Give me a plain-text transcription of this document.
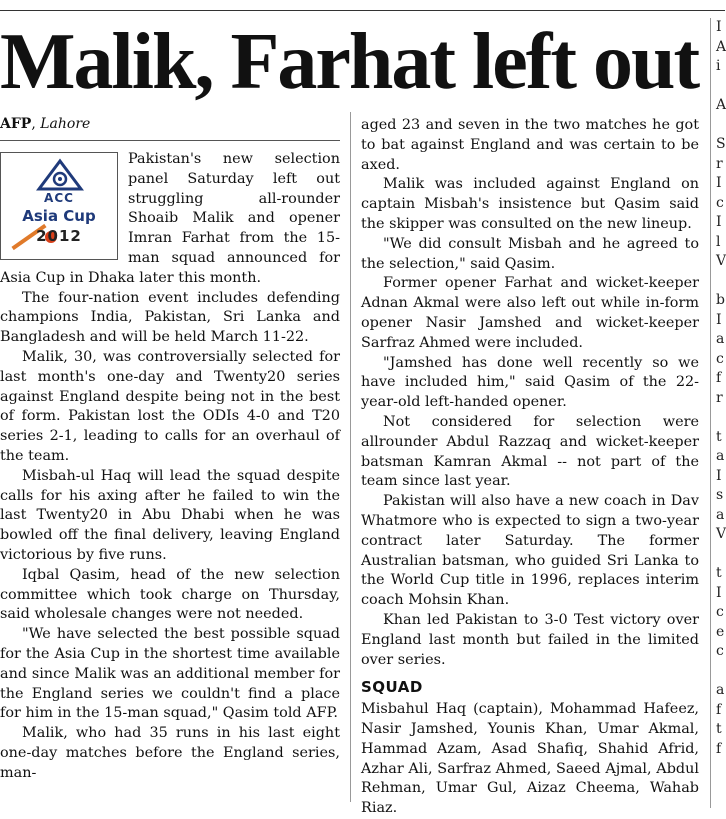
Malik, Farhat left out
AFP, Lahore
ACC
Asia Cup
2012

Pakistan's new selection panel Saturday left out struggling all-rounder Shoaib Malik and opener Imran Farhat from the 15-man squad announced for Asia Cup in Dhaka later this month.

The four-nation event includes defending champions India, Pakistan, Sri Lanka and Bangladesh and will be held March 11-22.

Malik, 30, was controversially selected for last month's one-day and Twenty20 series against England despite being not in the best of form. Pakistan lost the ODIs 4-0 and T20 series 2-1, leading to calls for an overhaul of the team.

Misbah-ul Haq will lead the squad despite calls for his axing after he failed to win the last Twenty20 in Abu Dhabi when he was bowled off the final delivery, leaving England victorious by five runs.

Iqbal Qasim, head of the new selection committee which took charge on Thursday, said wholesale changes were not needed.

"We have selected the best possible squad for the Asia Cup in the shortest time available and since Malik was an additional member for the England series we couldn't find a place for him in the 15-man squad," Qasim told AFP.

Malik, who had 35 runs in his last eight one-day matches before the England series, man-

aged 23 and seven in the two matches he got to bat against England and was certain to be axed.

Malik was included against England on captain Misbah's insistence but Qasim said the skipper was consulted on the new lineup.

"We did consult Misbah and he agreed to the selection," said Qasim.

Former opener Farhat and wicket-keeper Adnan Akmal were also left out while in-form opener Nasir Jamshed and wicket-keeper Sarfraz Ahmed were included.

"Jamshed has done well recently so we have included him," said Qasim of the 22-year-old left-handed opener.

Not considered for selection were allrounder Abdul Razzaq and wicket-keeper batsman Kamran Akmal -- not part of the team since last year.

Pakistan will also have a new coach in Dav Whatmore who is expected to sign a two-year contract later Saturday. The former Australian batsman, who guided Sri Lanka to the World Cup title in 1996, replaces interim coach Mohsin Khan.

Khan led Pakistan to 3-0 Test victory over England last month but failed in the limited over series.

SQUAD

Misbahul Haq (captain), Mohammad Hafeez, Nasir Jamshed, Younis Khan, Umar Akmal, Hammad Azam, Asad Shafiq, Shahid Afrid, Azhar Ali, Sarfraz Ahmed, Saeed Ajmal, Abdul Rehman, Umar Gul, Aizaz Cheema, Wahab Riaz.

I
A
i
A
S
r
I
c
I
l
V
b
I
a
c
f
r
t
a
I
s
a
V
t
I
c
e
c
a
f
t
f
